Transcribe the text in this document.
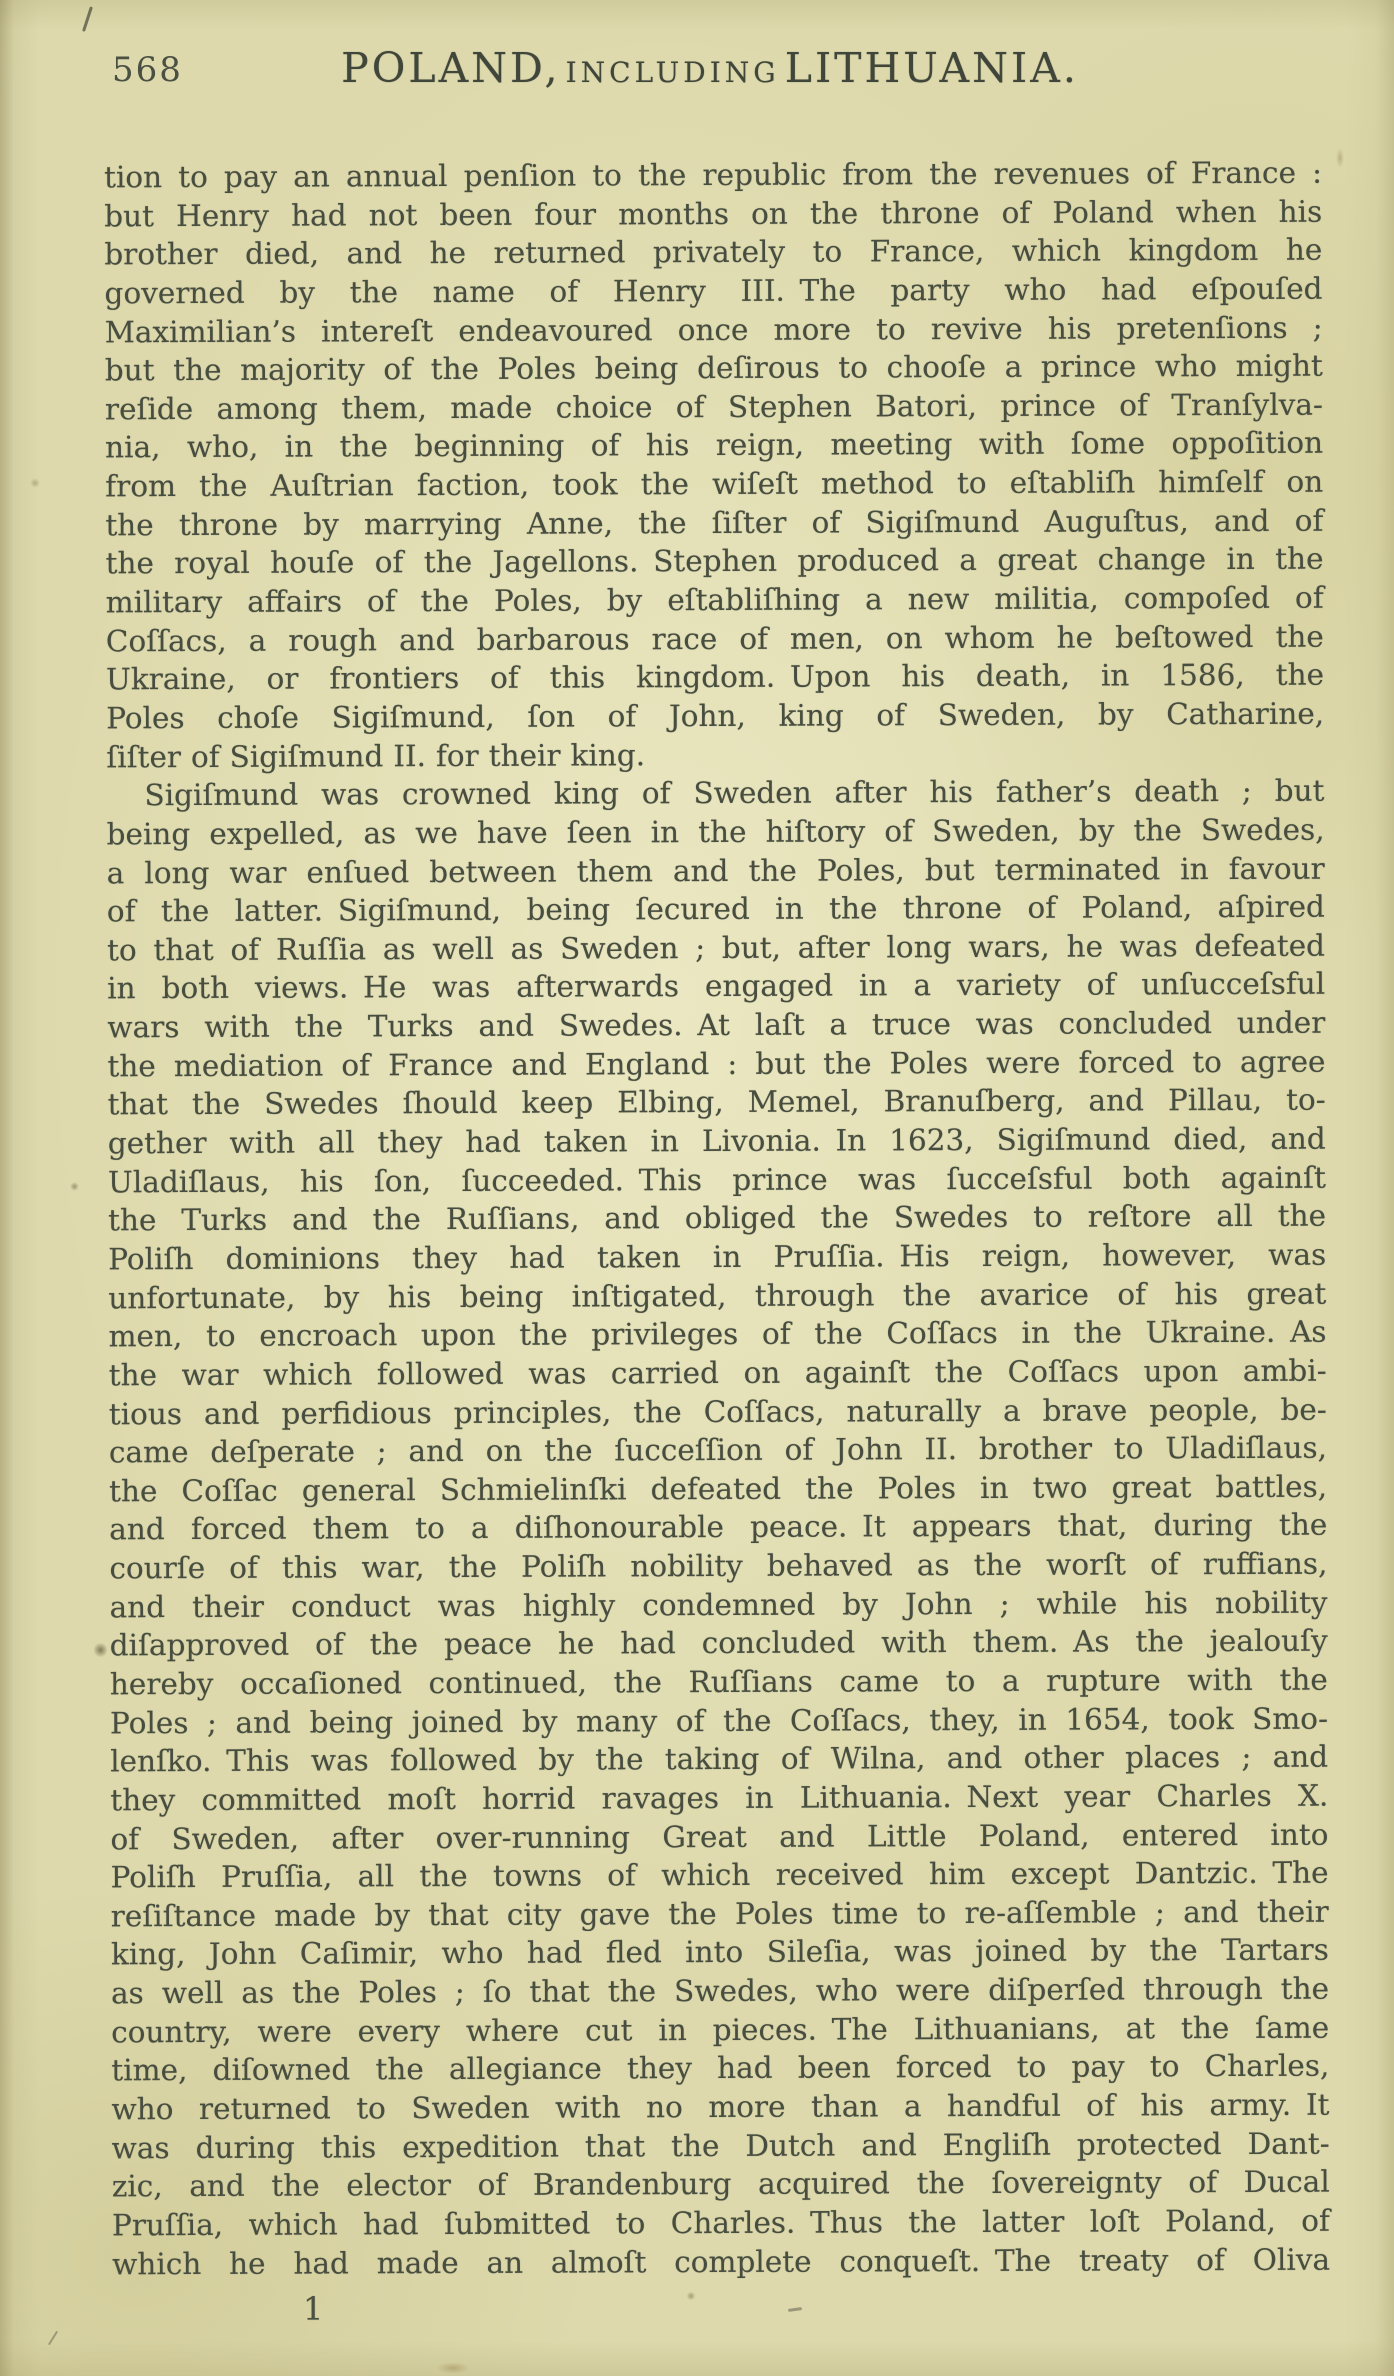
568	POLAND, INCLUDING LITHUANIA.
tion to pay an annual penſion to the republic from the revenues of France :
but Henry had not been four months on the throne of Poland when his
brother died, and he returned privately to France, which kingdom he
governed by the name of Henry III. The party who had eſpouſed
Maximilian’s intereſt endeavoured once more to revive his pretenſions ;
but the majority of the Poles being deſirous to chooſe a prince who might
reſide among them, made choice of Stephen Batori, prince of Tranſylva-
nia, who, in the beginning of his reign, meeting with ſome oppoſition
from the Auſtrian faction, took the wiſeſt method to eſtabliſh himſelf on
the throne by marrying Anne, the ſiſter of Sigiſmund Auguſtus, and of
the royal houſe of the Jagellons. Stephen produced a great change in the
military affairs of the Poles, by eſtabliſhing a new militia, compoſed of
Coſſacs, a rough and barbarous race of men, on whom he beſtowed the
Ukraine, or frontiers of this kingdom. Upon his death, in 1586, the
Poles choſe Sigiſmund, ſon of John, king of Sweden, by Catharine,
ſiſter of Sigiſmund II. for their king.
Sigiſmund was crowned king of Sweden after his father’s death ; but
being expelled, as we have ſeen in the hiſtory of Sweden, by the Swedes,
a long war enſued between them and the Poles, but terminated in favour
of the latter. Sigiſmund, being ſecured in the throne of Poland, aſpired
to that of Ruſſia as well as Sweden ; but, after long wars, he was defeated
in both views. He was afterwards engaged in a variety of unſucceſsful
wars with the Turks and Swedes. At laſt a truce was concluded under
the mediation of France and England : but the Poles were forced to agree
that the Swedes ſhould keep Elbing, Memel, Branuſberg, and Pillau, to-
gether with all they had taken in Livonia. In 1623, Sigiſmund died, and
Uladiſlaus, his ſon, ſucceeded. This prince was ſucceſsful both againſt
the Turks and the Ruſſians, and obliged the Swedes to reſtore all the
Poliſh dominions they had taken in Pruſſia. His reign, however, was
unfortunate, by his being inſtigated, through the avarice of his great
men, to encroach upon the privileges of the Coſſacs in the Ukraine. As
the war which followed was carried on againſt the Coſſacs upon ambi-
tious and perfidious principles, the Coſſacs, naturally a brave people, be-
came deſperate ; and on the ſucceſſion of John II. brother to Uladiſlaus,
the Coſſac general Schmielinſki defeated the Poles in two great battles,
and forced them to a diſhonourable peace. It appears that, during the
courſe of this war, the Poliſh nobility behaved as the worſt of ruffians,
and their conduct was highly condemned by John ; while his nobility
diſapproved of the peace he had concluded with them. As the jealouſy
hereby occaſioned continued, the Ruſſians came to a rupture with the
Poles ; and being joined by many of the Coſſacs, they, in 1654, took Smo-
lenſko. This was followed by the taking of Wilna, and other places ; and
they committed moſt horrid ravages in Lithuania. Next year Charles X.
of Sweden, after over-running Great and Little Poland, entered into
Poliſh Pruſſia, all the towns of which received him except Dantzic. The
reſiſtance made by that city gave the Poles time to re-aſſemble ; and their
king, John Caſimir, who had fled into Sileſia, was joined by the Tartars
as well as the Poles ; ſo that the Swedes, who were diſperſed through the
country, were every where cut in pieces. The Lithuanians, at the ſame
time, diſowned the allegiance they had been forced to pay to Charles,
who returned to Sweden with no more than a handful of his army. It
was during this expedition that the Dutch and Engliſh protected Dant-
zic, and the elector of Brandenburg acquired the ſovereignty of Ducal
Pruſſia, which had ſubmitted to Charles. Thus the latter loſt Poland, of
which he had made an almoſt complete conqueſt. The treaty of Oliva
1
